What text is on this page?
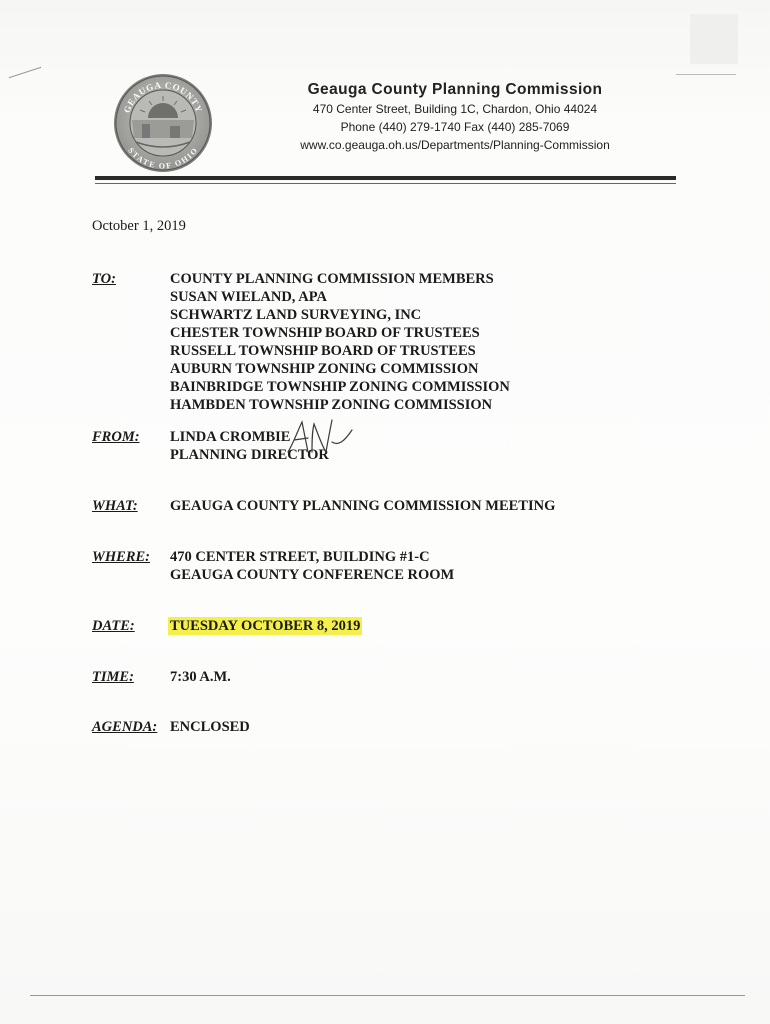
GEAUGA COUNTY
STATE OF OHIO
Geauga County Planning Commission
470 Center Street, Building 1C, Chardon, Ohio 44024
Phone (440) 279-1740 Fax (440) 285-7069
www.co.geauga.oh.us/Departments/Planning-Commission
October 1, 2019
TO:	COUNTY PLANNING COMMISSION MEMBERS
SUSAN WIELAND, APA
SCHWARTZ LAND SURVEYING, INC
CHESTER TOWNSHIP BOARD OF TRUSTEES
RUSSELL TOWNSHIP BOARD OF TRUSTEES
AUBURN TOWNSHIP ZONING COMMISSION
BAINBRIDGE TOWNSHIP ZONING COMMISSION
HAMBDEN TOWNSHIP ZONING COMMISSION
FROM:	LINDA CROMBIE
PLANNING DIRECTOR
WHAT:	GEAUGA COUNTY PLANNING COMMISSION MEETING
WHERE:	470 CENTER STREET, BUILDING #1-C
GEAUGA COUNTY CONFERENCE ROOM
DATE:	TUESDAY OCTOBER 8, 2019
TIME:	7:30 A.M.
AGENDA: ENCLOSED
